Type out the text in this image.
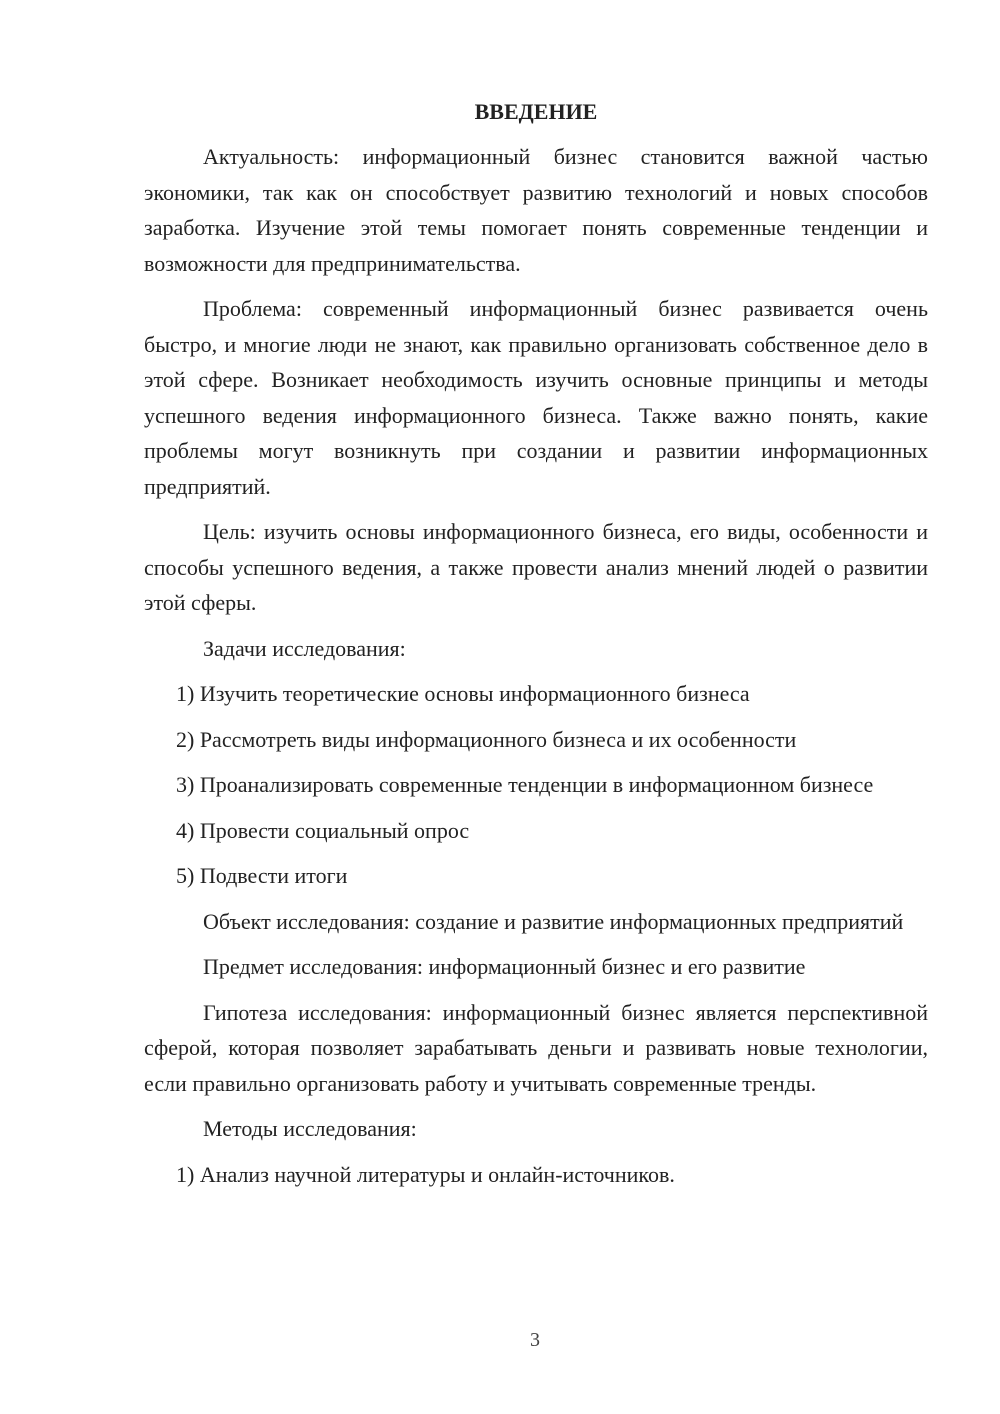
ВВЕДЕНИЕ

Актуальность: информационный бизнес становится важной частью экономики, так как он способствует развитию технологий и новых способов заработка. Изучение этой темы помогает понять современные тенденции и возможности для предпринимательства.

Проблема: современный информационный бизнес развивается очень быстро, и многие люди не знают, как правильно организовать собственное дело в этой сфере. Возникает необходимость изучить основные принципы и методы успешного ведения информационного бизнеса. Также важно понять, какие проблемы могут возникнуть при создании и развитии информационных предприятий.

Цель: изучить основы информационного бизнеса, его виды, особенности и способы успешного ведения, а также провести анализ мнений людей о развитии этой сферы.

Задачи исследования:

1) Изучить теоретические основы информационного бизнеса

2) Рассмотреть виды информационного бизнеса и их особенности

3) Проанализировать современные тенденции в информационном бизнесе

4) Провести социальный опрос

5) Подвести итоги

Объект исследования: создание и развитие информационных предприятий

Предмет исследования: информационный бизнес и его развитие

Гипотеза исследования: информационный бизнес является перспективной сферой, которая позволяет зарабатывать деньги и развивать новые технологии, если правильно организовать работу и учитывать современные тренды.

Методы исследования:

1) Анализ научной литературы и онлайн-источников.

3
